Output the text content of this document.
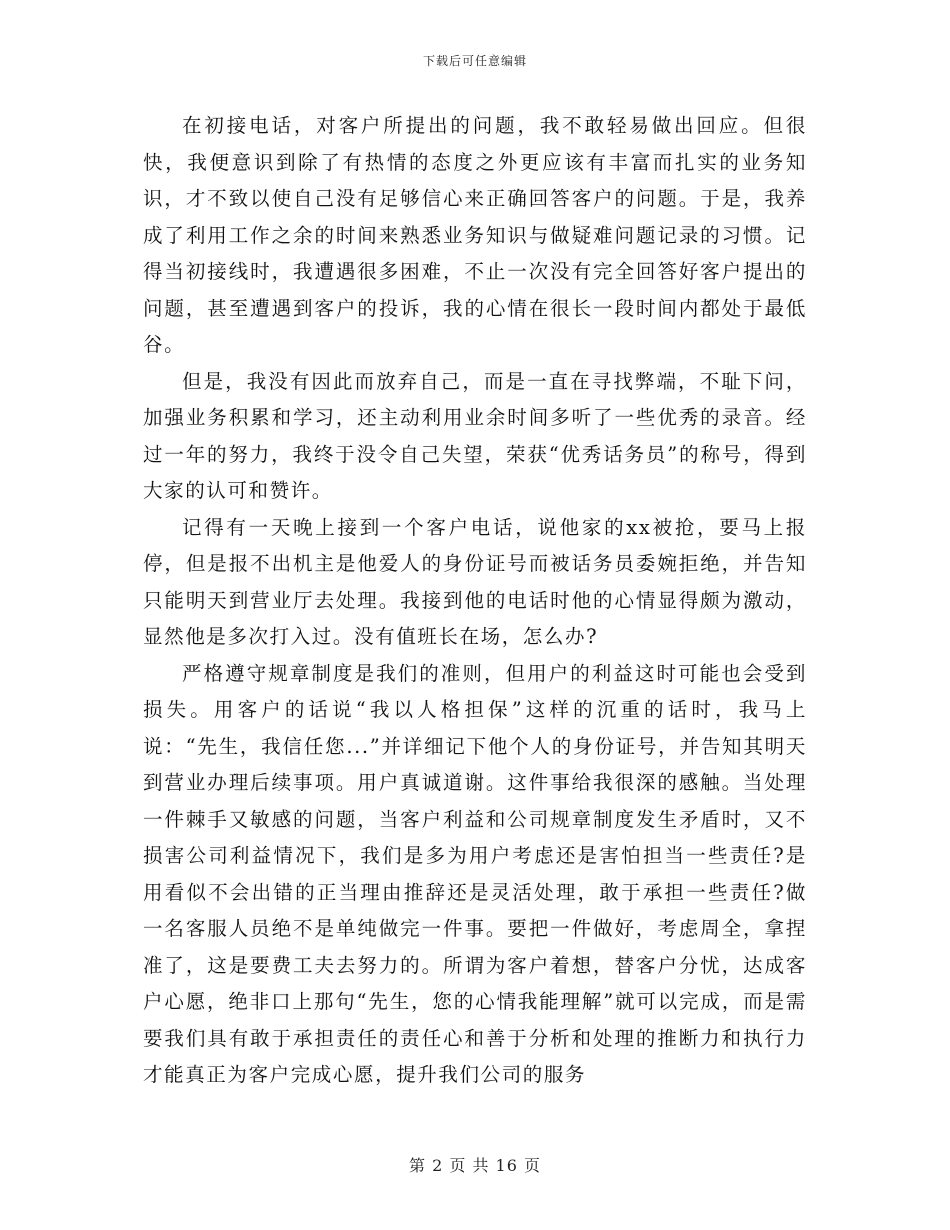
下载后可任意编辑

在初接电话，对客户所提出的问题，我不敢轻易做出回应。但很快，我便意识到除了有热情的态度之外更应该有丰富而扎实的业务知识，才不致以使自己没有足够信心来正确回答客户的问题。于是，我养成了利用工作之余的时间来熟悉业务知识与做疑难问题记录的习惯。记得当初接线时，我遭遇很多困难，不止一次没有完全回答好客户提出的问题，甚至遭遇到客户的投诉，我的心情在很长一段时间内都处于最低谷。

但是，我没有因此而放弃自己，而是一直在寻找弊端，不耻下问，加强业务积累和学习，还主动利用业余时间多听了一些优秀的录音。经过一年的努力，我终于没令自己失望，荣获“优秀话务员”的称号，得到大家的认可和赞许。

记得有一天晚上接到一个客户电话，说他家的xx被抢，要马上报停，但是报不出机主是他爱人的身份证号而被话务员委婉拒绝，并告知只能明天到营业厅去处理。我接到他的电话时他的心情显得颇为激动，显然他是多次打入过。没有值班长在场，怎么办?

严格遵守规章制度是我们的准则，但用户的利益这时可能也会受到损失。用客户的话说“我以人格担保”这样的沉重的话时，我马上说：“先生，我信任您...”并详细记下他个人的身份证号，并告知其明天到营业办理后续事项。用户真诚道谢。这件事给我很深的感触。当处理一件棘手又敏感的问题，当客户利益和公司规章制度发生矛盾时，又不损害公司利益情况下，我们是多为用户考虑还是害怕担当一些责任?是用看似不会出错的正当理由推辞还是灵活处理，敢于承担一些责任?做一名客服人员绝不是单纯做完一件事。要把一件做好，考虑周全，拿捏准了，这是要费工夫去努力的。所谓为客户着想，替客户分忧，达成客户心愿，绝非口上那句“先生，您的心情我能理解”就可以完成，而是需要我们具有敢于承担责任的责任心和善于分析和处理的推断力和执行力才能真正为客户完成心愿，提升我们公司的服务

第 2 页 共 16 页
